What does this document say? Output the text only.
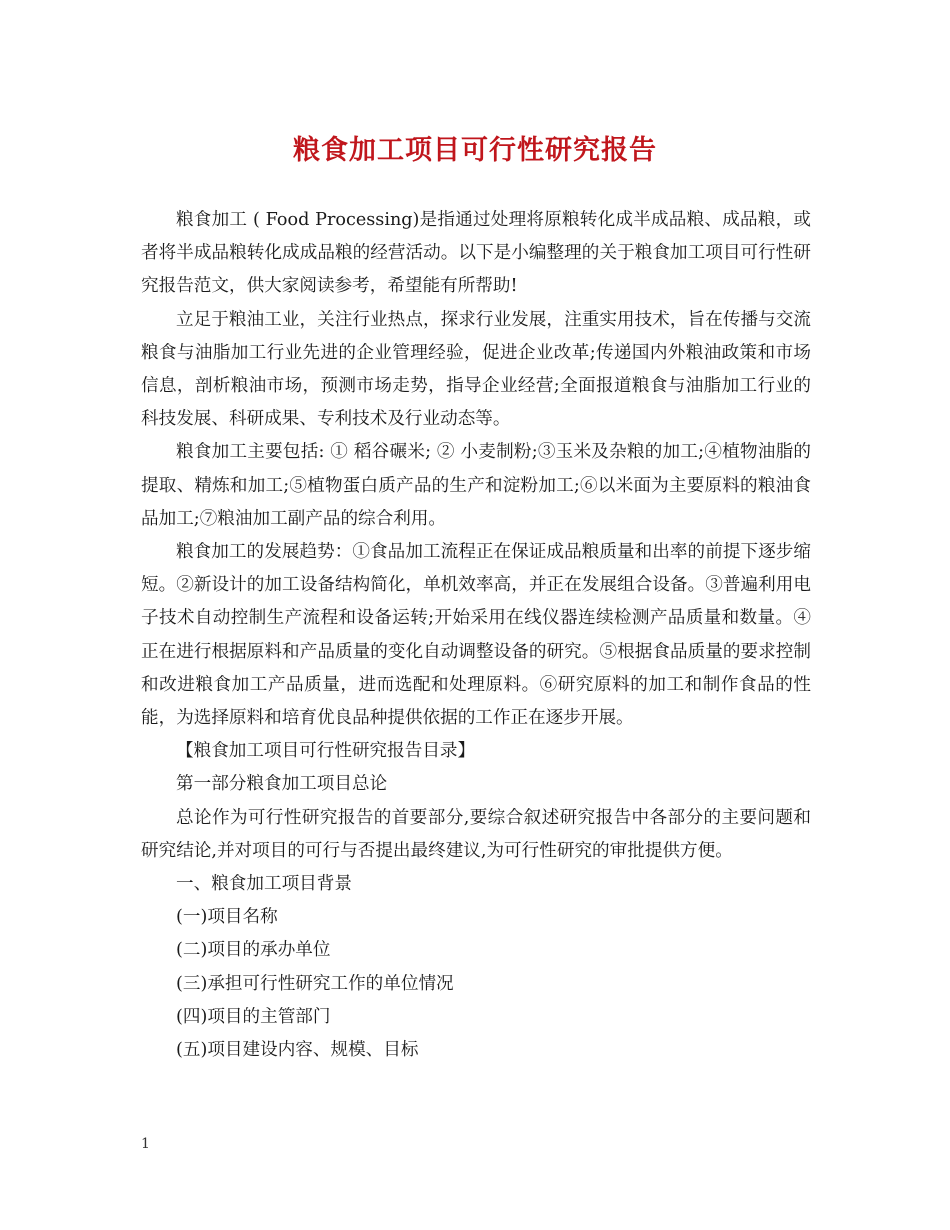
粮食加工项目可行性研究报告

粮食加工 ( Food Processing)是指通过处理将原粮转化成半成品粮、成品粮，或者将半成品粮转化成成品粮的经营活动。以下是小编整理的关于粮食加工项目可行性研究报告范文，供大家阅读参考，希望能有所帮助!

立足于粮油工业，关注行业热点，探求行业发展，注重实用技术，旨在传播与交流粮食与油脂加工行业先进的企业管理经验，促进企业改革;传递国内外粮油政策和市场信息，剖析粮油市场，预测市场走势，指导企业经营;全面报道粮食与油脂加工行业的科技发展、科研成果、专利技术及行业动态等。

粮食加工主要包括: ① 稻谷碾米; ② 小麦制粉;③玉米及杂粮的加工;④植物油脂的提取、精炼和加工;⑤植物蛋白质产品的生产和淀粉加工;⑥以米面为主要原料的粮油食品加工;⑦粮油加工副产品的综合利用。

粮食加工的发展趋势：①食品加工流程正在保证成品粮质量和出率的前提下逐步缩短。②新设计的加工设备结构简化，单机效率高，并正在发展组合设备。③普遍利用电子技术自动控制生产流程和设备运转;开始采用在线仪器连续检测产品质量和数量。④正在进行根据原料和产品质量的变化自动调整设备的研究。⑤根据食品质量的要求控制和改进粮食加工产品质量，进而选配和处理原料。⑥研究原料的加工和制作食品的性能，为选择原料和培育优良品种提供依据的工作正在逐步开展。

【粮食加工项目可行性研究报告目录】

第一部分粮食加工项目总论

总论作为可行性研究报告的首要部分,要综合叙述研究报告中各部分的主要问题和研究结论,并对项目的可行与否提出最终建议,为可行性研究的审批提供方便。

一、粮食加工项目背景

(一)项目名称

(二)项目的承办单位

(三)承担可行性研究工作的单位情况

(四)项目的主管部门

(五)项目建设内容、规模、目标

1
